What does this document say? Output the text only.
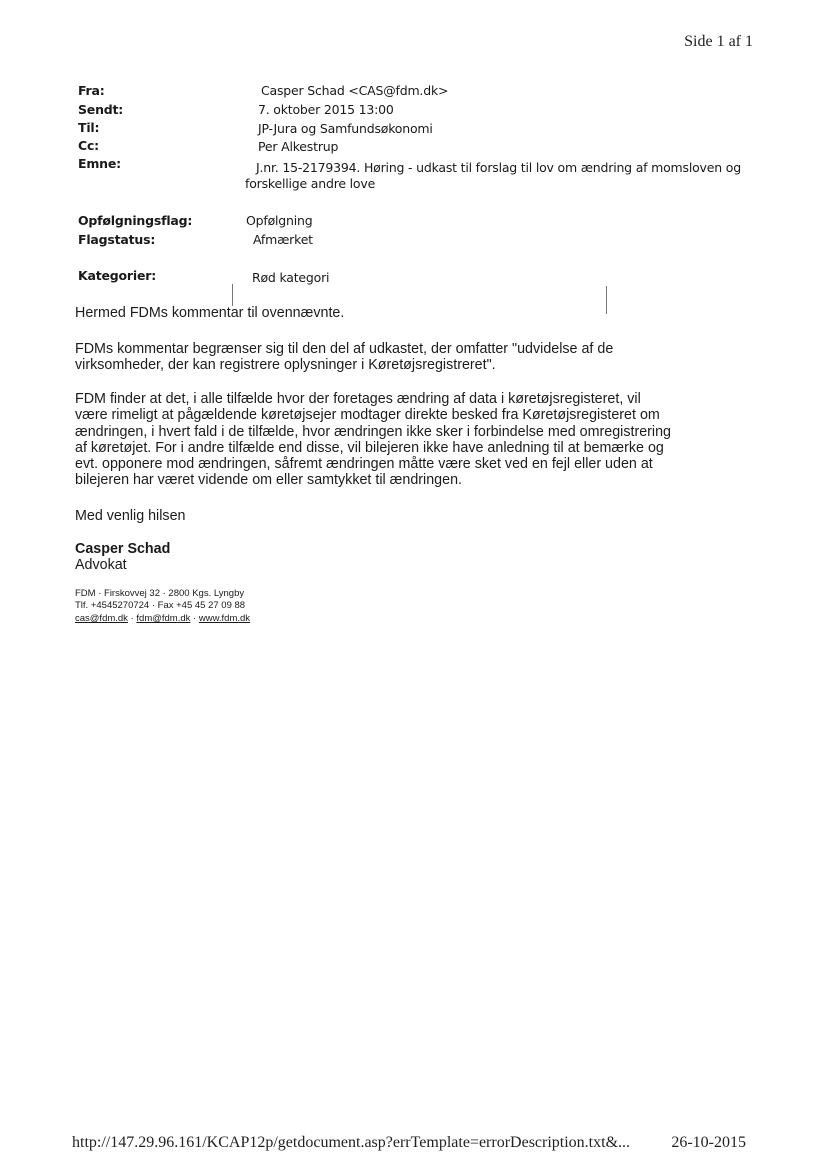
Side 1 af 1
Fra:	Casper Schad <CAS@fdm.dk>
Sendt:	7. oktober 2015 13:00
Til:	JP-Jura og Samfundsøkonomi
Cc:	Per Alkestrup
Emne:	J.nr. 15-2179394. Høring - udkast til forslag til lov om ændring af momsloven og
forskellige andre love
Opfølgningsflag:	Opfølgning
Flagstatus:	Afmærket
Kategorier:	Rød kategori
Hermed FDMs kommentar til ovennævnte.
FDMs kommentar begrænser sig til den del af udkastet, der omfatter "udvidelse af de
virksomheder, der kan registrere oplysninger i Køretøjsregistreret".
FDM finder at det, i alle tilfælde hvor der foretages ændring af data i køretøjsregisteret, vil
være rimeligt at pågældende køretøjsejer modtager direkte besked fra Køretøjsregisteret om
ændringen, i hvert fald i de tilfælde, hvor ændringen ikke sker i forbindelse med omregistrering
af køretøjet. For i andre tilfælde end disse, vil bilejeren ikke have anledning til at bemærke og
evt. opponere mod ændringen, såfremt ændringen måtte være sket ved en fejl eller uden at
bilejeren har været vidende om eller samtykket til ændringen.
Med venlig hilsen
Casper Schad
Advokat
FDM · Firskovvej 32 · 2800 Kgs. Lyngby
Tlf. +4545270724 · Fax +45 45 27 09 88
cas@fdm.dk · fdm@fdm.dk · www.fdm.dk
http://147.29.96.161/KCAP12p/getdocument.asp?errTemplate=errorDescription.txt&...	26-10-2015
